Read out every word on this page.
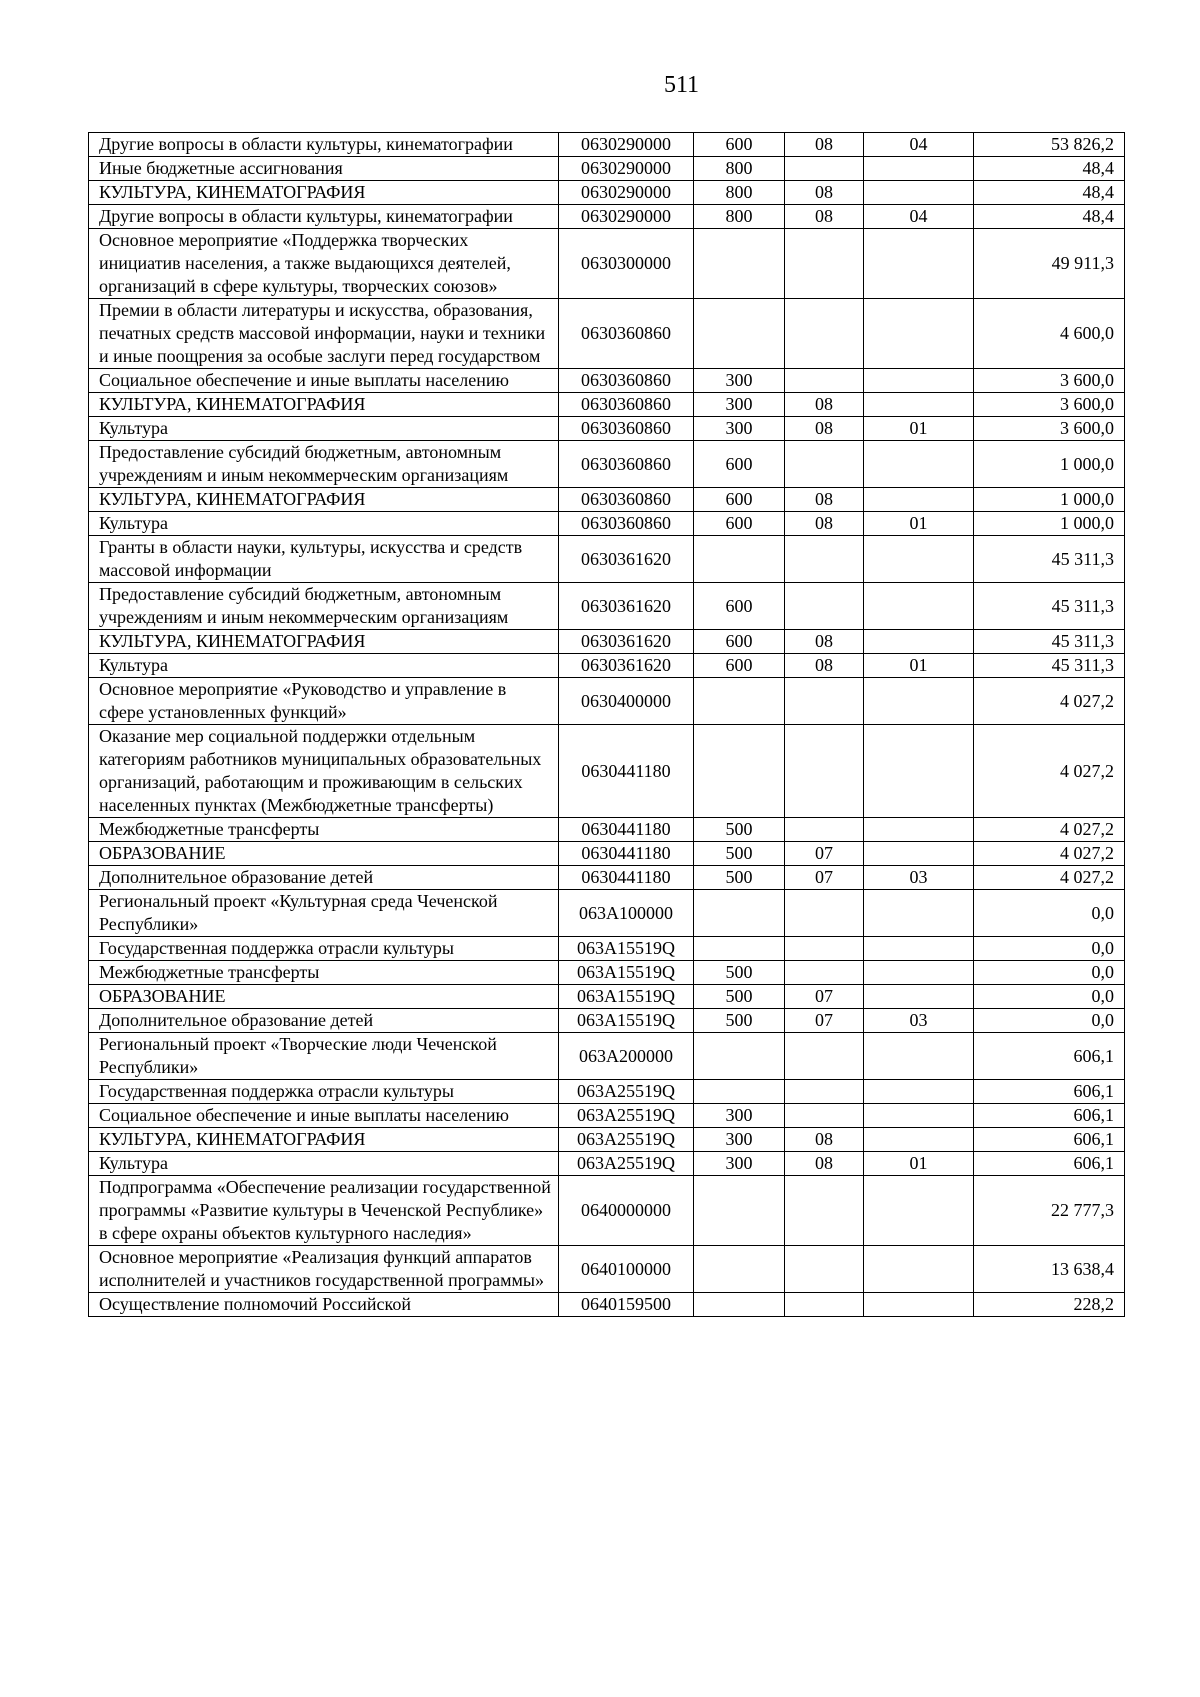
511
Другие вопросы в области культуры, кинематографии	0630290000	600	08	04	53 826,2
Иные бюджетные ассигнования	0630290000	800			48,4
КУЛЬТУРА, КИНЕМАТОГРАФИЯ	0630290000	800	08		48,4
Другие вопросы в области культуры, кинематографии	0630290000	800	08	04	48,4
Основное мероприятие «Поддержка творческих инициатив населения, а также выдающихся деятелей, организаций в сфере культуры, творческих союзов»	0630300000				49 911,3
Премии в области литературы и искусства, образования, печатных средств массовой информации, науки и техники и иные поощрения за особые заслуги перед государством	0630360860				4 600,0
Социальное обеспечение и иные выплаты населению	0630360860	300			3 600,0
КУЛЬТУРА, КИНЕМАТОГРАФИЯ	0630360860	300	08		3 600,0
Культура	0630360860	300	08	01	3 600,0
Предоставление субсидий бюджетным, автономным учреждениям и иным некоммерческим организациям	0630360860	600			1 000,0
КУЛЬТУРА, КИНЕМАТОГРАФИЯ	0630360860	600	08		1 000,0
Культура	0630360860	600	08	01	1 000,0
Гранты в области науки, культуры, искусства и средств массовой информации	0630361620				45 311,3
Предоставление субсидий бюджетным, автономным учреждениям и иным некоммерческим организациям	0630361620	600			45 311,3
КУЛЬТУРА, КИНЕМАТОГРАФИЯ	0630361620	600	08		45 311,3
Культура	0630361620	600	08	01	45 311,3
Основное мероприятие «Руководство и управление в сфере установленных функций»	0630400000				4 027,2
Оказание мер социальной поддержки отдельным категориям работников муниципальных образовательных организаций, работающим и проживающим в сельских населенных пунктах (Межбюджетные трансферты)	0630441180				4 027,2
Межбюджетные трансферты	0630441180	500			4 027,2
ОБРАЗОВАНИЕ	0630441180	500	07		4 027,2
Дополнительное образование детей	0630441180	500	07	03	4 027,2
Региональный проект «Культурная среда Чеченской Республики»	063A100000				0,0
Государственная поддержка отрасли культуры	063A15519Q				0,0
Межбюджетные трансферты	063A15519Q	500			0,0
ОБРАЗОВАНИЕ	063A15519Q	500	07		0,0
Дополнительное образование детей	063A15519Q	500	07	03	0,0
Региональный проект «Творческие люди Чеченской Республики»	063A200000				606,1
Государственная поддержка отрасли культуры	063A25519Q				606,1
Социальное обеспечение и иные выплаты населению	063A25519Q	300			606,1
КУЛЬТУРА, КИНЕМАТОГРАФИЯ	063A25519Q	300	08		606,1
Культура	063A25519Q	300	08	01	606,1
Подпрограмма «Обеспечение реализации государственной программы «Развитие культуры в Чеченской Республике» в сфере охраны объектов культурного наследия»	0640000000				22 777,3
Основное мероприятие «Реализация функций аппаратов исполнителей и участников государственной программы»	0640100000				13 638,4
Осуществление полномочий Российской	0640159500				228,2
